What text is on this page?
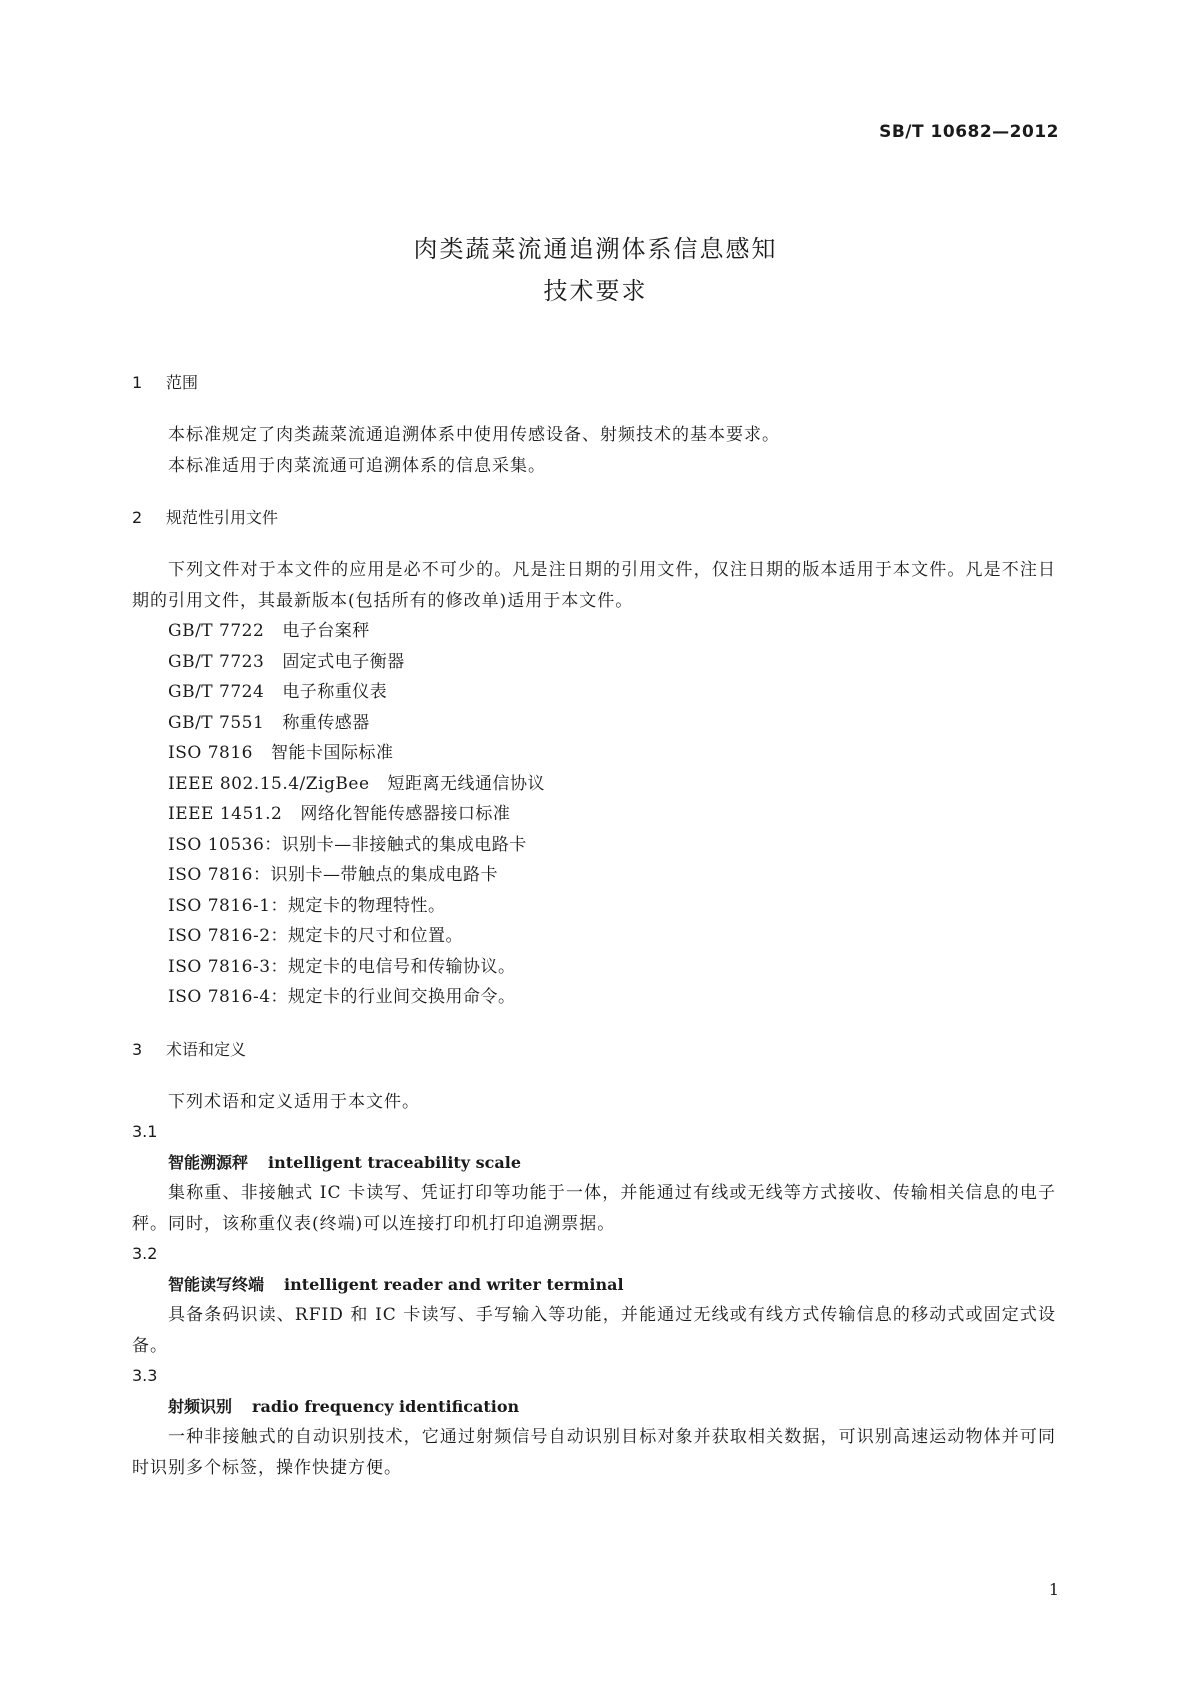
SB/T 10682—2012
肉类蔬菜流通追溯体系信息感知
技术要求
1 范围
本标准规定了肉类蔬菜流通追溯体系中使用传感设备、射频技术的基本要求。
本标准适用于肉菜流通可追溯体系的信息采集。
2 规范性引用文件
下列文件对于本文件的应用是必不可少的。凡是注日期的引用文件，仅注日期的版本适用于本文件。凡是不注日期的引用文件，其最新版本(包括所有的修改单)适用于本文件。
GB/T 7722 电子台案秤
GB/T 7723 固定式电子衡器
GB/T 7724 电子称重仪表
GB/T 7551 称重传感器
ISO 7816 智能卡国际标准
IEEE 802.15.4/ZigBee 短距离无线通信协议
IEEE 1451.2 网络化智能传感器接口标准
ISO 10536：识别卡—非接触式的集成电路卡
ISO 7816：识别卡—带触点的集成电路卡
ISO 7816-1：规定卡的物理特性。
ISO 7816-2：规定卡的尺寸和位置。
ISO 7816-3：规定卡的电信号和传输协议。
ISO 7816-4：规定卡的行业间交换用命令。
3 术语和定义
下列术语和定义适用于本文件。
3.1
智能溯源秤 intelligent traceability scale
集称重、非接触式 IC 卡读写、凭证打印等功能于一体，并能通过有线或无线等方式接收、传输相关信息的电子秤。同时，该称重仪表(终端)可以连接打印机打印追溯票据。
3.2
智能读写终端 intelligent reader and writer terminal
具备条码识读、RFID 和 IC 卡读写、手写输入等功能，并能通过无线或有线方式传输信息的移动式或固定式设备。
3.3
射频识别 radio frequency identification
一种非接触式的自动识别技术，它通过射频信号自动识别目标对象并获取相关数据，可识别高速运动物体并可同时识别多个标签，操作快捷方便。
1
